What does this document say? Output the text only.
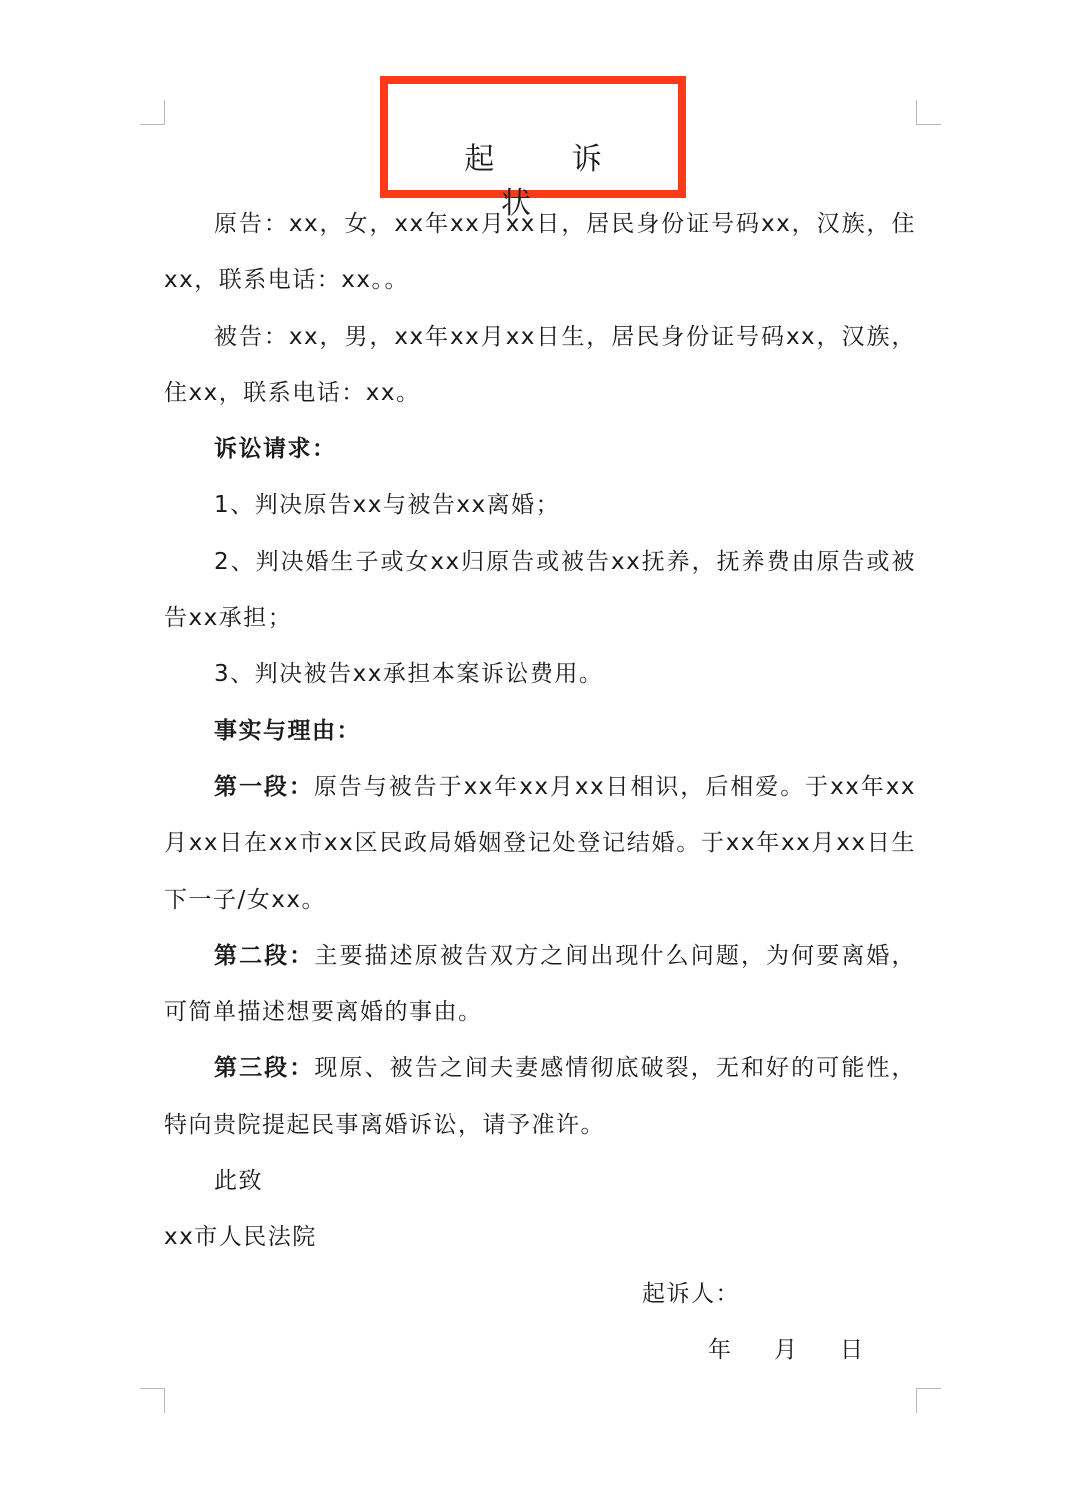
起 诉 状

原告：xx，女，xx年xx月xx日，居民身份证号码xx，汉族，住xx，联系电话：xx。。

被告：xx，男，xx年xx月xx日生，居民身份证号码xx，汉族，住xx，联系电话：xx。

诉讼请求：

1、判决原告xx与被告xx离婚；

2、判决婚生子或女xx归原告或被告xx抚养，抚养费由原告或被告xx承担；

3、判决被告xx承担本案诉讼费用。

事实与理由：

第一段：原告与被告于xx年xx月xx日相识，后相爱。于xx年xx月xx日在xx市xx区民政局婚姻登记处登记结婚。于xx年xx月xx日生下一子/女xx。

第二段：主要描述原被告双方之间出现什么问题，为何要离婚，可简单描述想要离婚的事由。

第三段：现原、被告之间夫妻感情彻底破裂，无和好的可能性，特向贵院提起民事离婚诉讼，请予准许。

此致

xx市人民法院

起诉人：

年 月 日
